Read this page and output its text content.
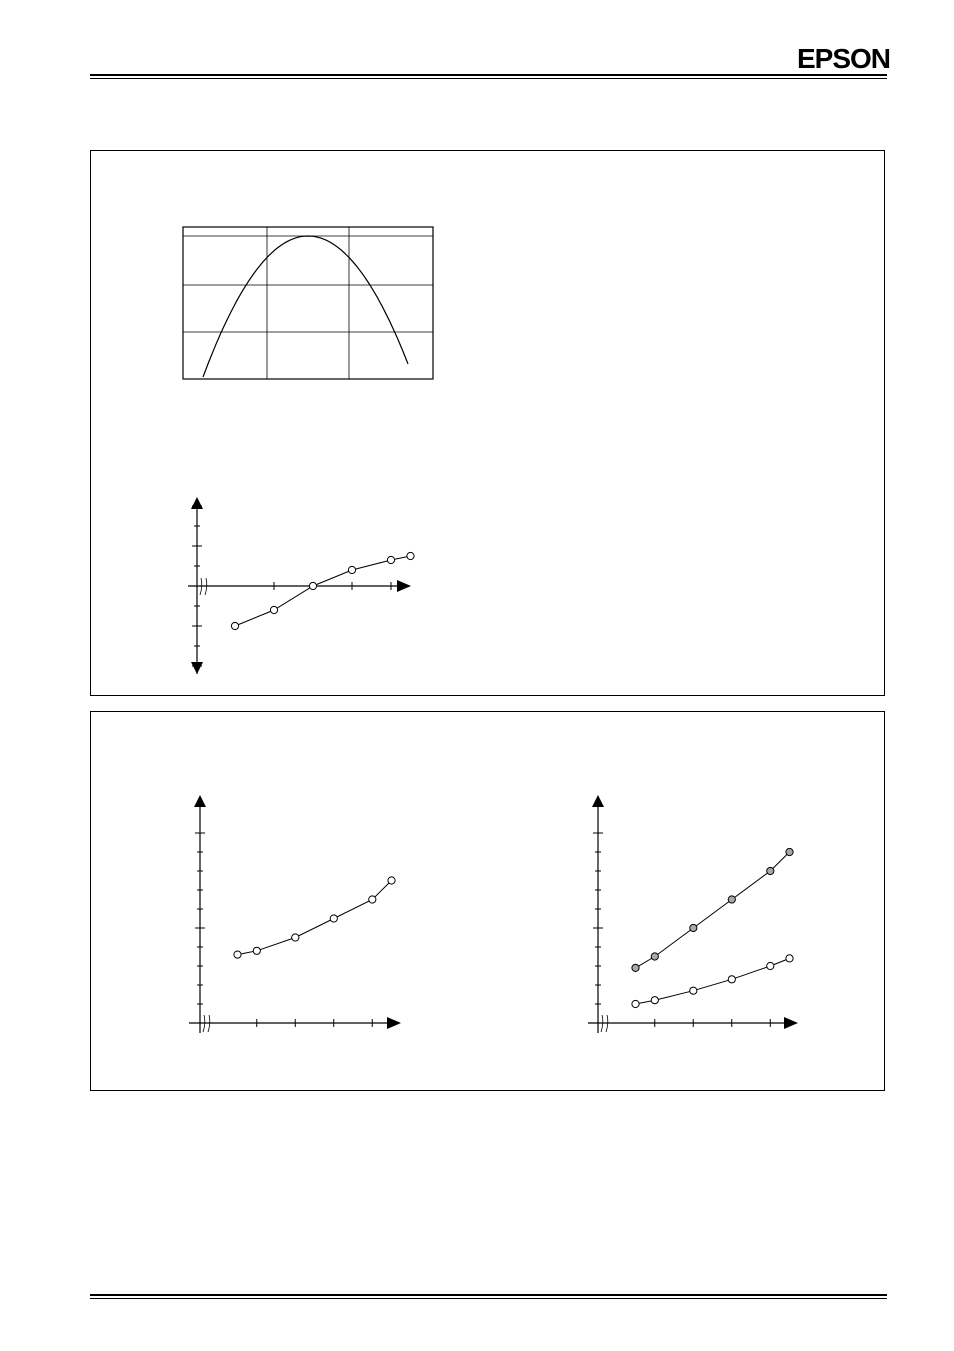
EPSON
